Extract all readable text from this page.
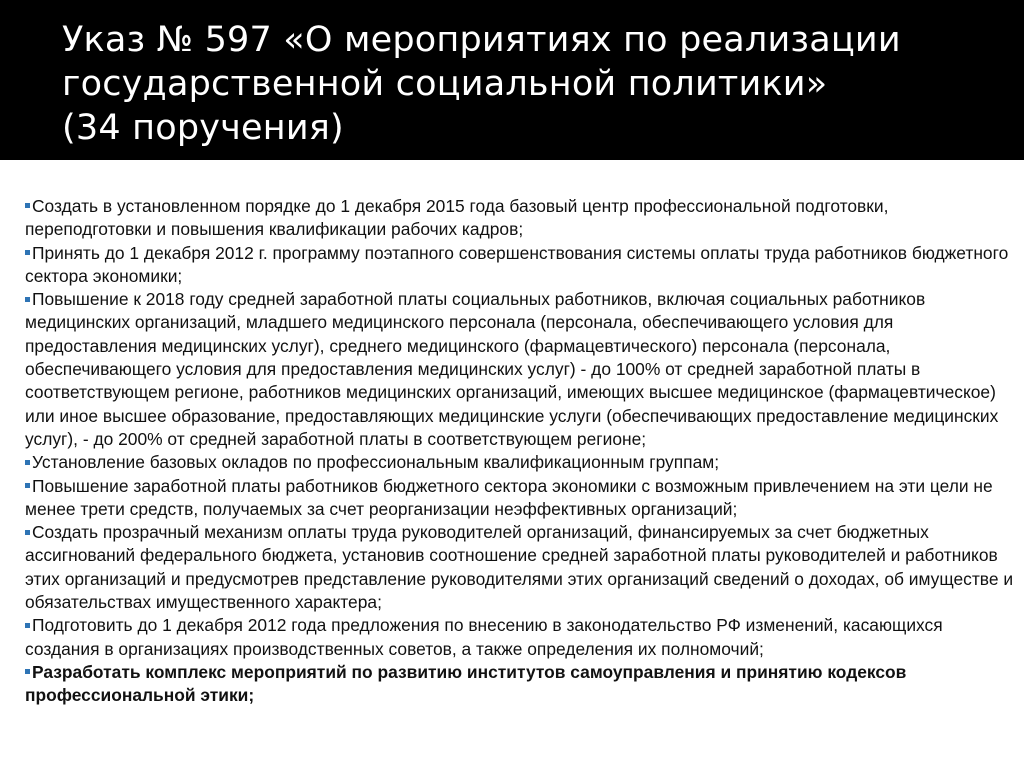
Указ № 597 «О мероприятиях по реализации
государственной социальной политики»
(34 поручения)
Создать в установленном порядке до 1 декабря 2015 года базовый центр профессиональной подготовки, переподготовки и повышения квалификации рабочих кадров;
Принять до 1 декабря 2012 г. программу поэтапного совершенствования системы оплаты труда работников бюджетного сектора экономики;
Повышение к 2018 году средней заработной платы социальных работников, включая социальных работников медицинских организаций, младшего медицинского персонала (персонала, обеспечивающего условия для предоставления медицинских услуг), среднего медицинского (фармацевтического) персонала (персонала, обеспечивающего условия для предоставления медицинских услуг) - до 100% от средней заработной платы в соответствующем регионе, работников медицинских организаций, имеющих высшее медицинское (фармацевтическое) или иное высшее образование, предоставляющих медицинские услуги (обеспечивающих предоставление медицинских услуг), - до 200% от средней заработной платы в соответствующем регионе;
Установление базовых окладов по профессиональным квалификационным группам;
Повышение заработной платы работников бюджетного сектора экономики с возможным привлечением на эти цели не менее трети средств, получаемых за счет реорганизации неэффективных организаций;
Создать прозрачный механизм оплаты труда руководителей организаций, финансируемых за счет бюджетных ассигнований федерального бюджета, установив соотношение средней заработной платы руководителей и работников этих организаций и предусмотрев представление руководителями этих организаций сведений о доходах, об имуществе и обязательствах имущественного характера;
Подготовить до 1 декабря 2012 года предложения по внесению в законодательство РФ изменений, касающихся создания в организациях производственных советов, а также определения их полномочий;
Разработать комплекс мероприятий по развитию институтов самоуправления и принятию кодексов профессиональной этики;
